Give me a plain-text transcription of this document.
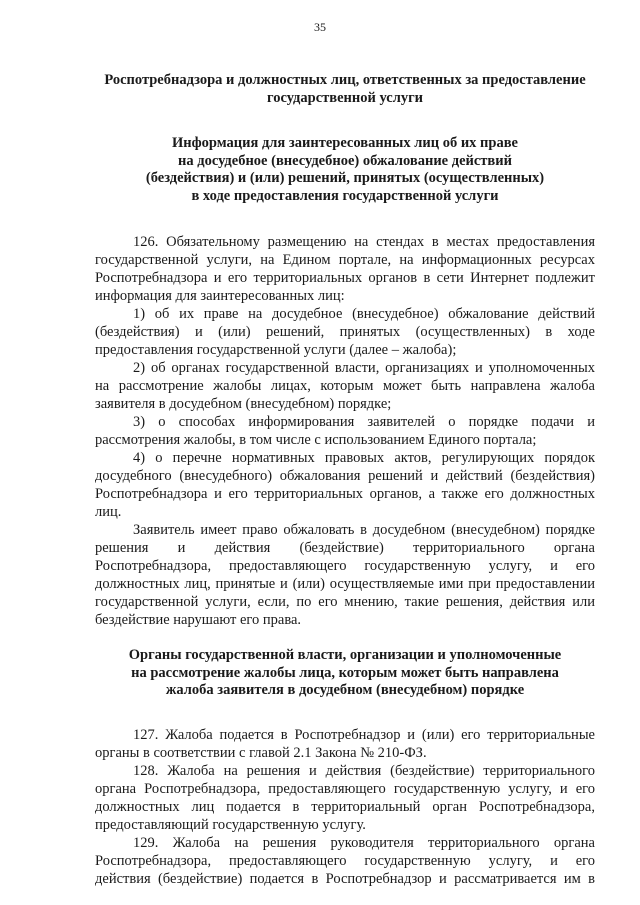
35
Роспотребнадзора и должностных лиц, ответственных за предоставление
государственной услуги
Информация для заинтересованных лиц об их праве
на досудебное (внесудебное) обжалование действий
(бездействия) и (или) решений, принятых (осуществленных)
в ходе предоставления государственной услуги
126. Обязательному размещению на стендах в местах предоставления
государственной услуги, на Едином портале, на информационных ресурсах
Роспотребнадзора и его территориальных органов в сети Интернет подлежит
информация для заинтересованных лиц:
1) об их праве на досудебное (внесудебное) обжалование действий
(бездействия) и (или) решений, принятых (осуществленных) в ходе
предоставления государственной услуги (далее – жалоба);
2) об органах государственной власти, организациях и уполномоченных
на рассмотрение жалобы лицах, которым может быть направлена жалоба
заявителя в досудебном (внесудебном) порядке;
3) о способах информирования заявителей о порядке подачи и
рассмотрения жалобы, в том числе с использованием Единого портала;
4) о перечне нормативных правовых актов, регулирующих порядок
досудебного (внесудебного) обжалования решений и действий (бездействия)
Роспотребнадзора и его территориальных органов, а также его должностных
лиц.
Заявитель имеет право обжаловать в досудебном (внесудебном) порядке
решения и действия (бездействие) территориального органа
Роспотребнадзора, предоставляющего государственную услугу, и его
должностных лиц, принятые и (или) осуществляемые ими при предоставлении
государственной услуги, если, по его мнению, такие решения, действия или
бездействие нарушают его права.
Органы государственной власти, организации и уполномоченные
на рассмотрение жалобы лица, которым может быть направлена
жалоба заявителя в досудебном (внесудебном) порядке
127. Жалоба подается в Роспотребнадзор и (или) его территориальные
органы в соответствии с главой 2.1 Закона № 210-ФЗ.
128. Жалоба на решения и действия (бездействие) территориального
органа Роспотребнадзора, предоставляющего государственную услугу, и его
должностных лиц подается в территориальный орган Роспотребнадзора,
предоставляющий государственную услугу.
129. Жалоба на решения руководителя территориального органа
Роспотребнадзора, предоставляющего государственную услугу, и его
действия (бездействие) подается в Роспотребнадзор и рассматривается им в
